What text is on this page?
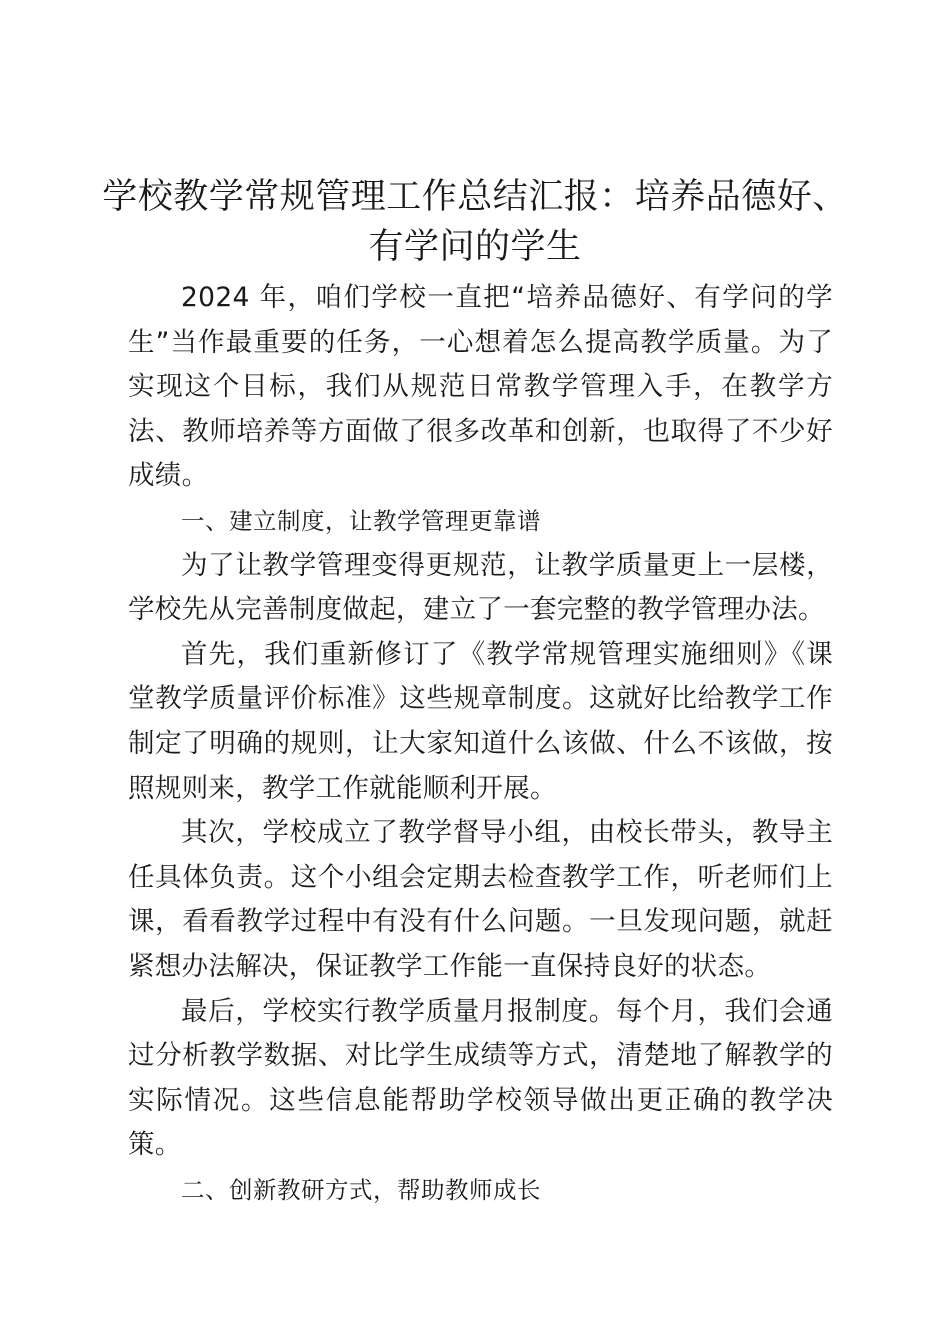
学校教学常规管理工作总结汇报：培养品德好、
有学问的学生

2024 年，咱们学校一直把“培养品德好、有学问的学生”当作最重要的任务，一心想着怎么提高教学质量。为了实现这个目标，我们从规范日常教学管理入手，在教学方法、教师培养等方面做了很多改革和创新，也取得了不少好成绩。

一、建立制度，让教学管理更靠谱

为了让教学管理变得更规范，让教学质量更上一层楼，学校先从完善制度做起，建立了一套完整的教学管理办法。

首先，我们重新修订了《教学常规管理实施细则》《课堂教学质量评价标准》这些规章制度。这就好比给教学工作制定了明确的规则，让大家知道什么该做、什么不该做，按照规则来，教学工作就能顺利开展。

其次，学校成立了教学督导小组，由校长带头，教导主任具体负责。这个小组会定期去检查教学工作，听老师们上课，看看教学过程中有没有什么问题。一旦发现问题，就赶紧想办法解决，保证教学工作能一直保持良好的状态。

最后，学校实行教学质量月报制度。每个月，我们会通过分析教学数据、对比学生成绩等方式，清楚地了解教学的实际情况。这些信息能帮助学校领导做出更正确的教学决策。

二、创新教研方式，帮助教师成长
